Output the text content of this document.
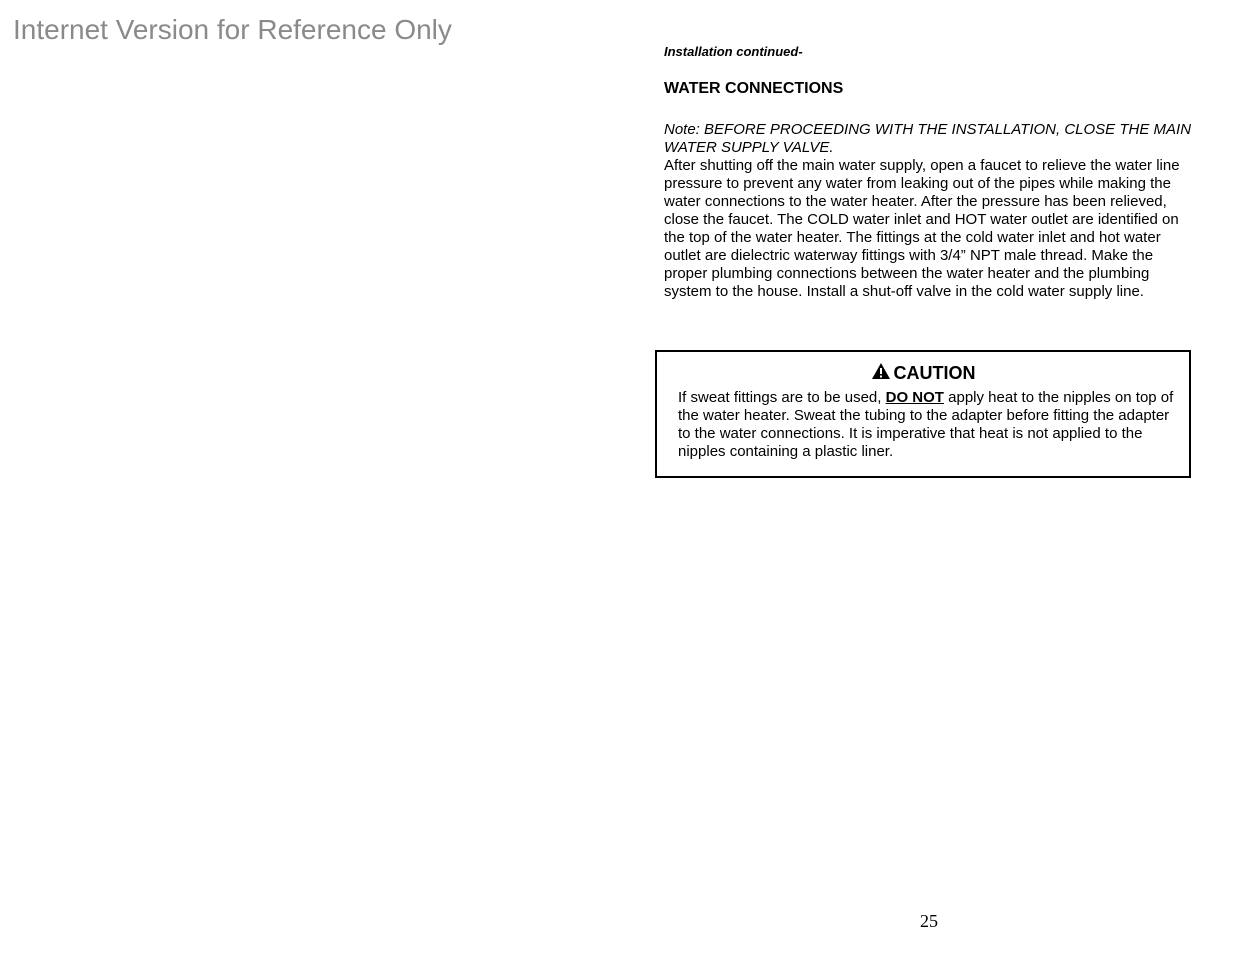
Internet Version for Reference Only
Installation continued-
WATER CONNECTIONS
Note: BEFORE PROCEEDING WITH THE INSTALLATION, CLOSE THE MAIN WATER SUPPLY VALVE.
After shutting off the main water supply, open a faucet to relieve the water line pressure to prevent any water from leaking out of the pipes while making the water connections to the water heater. After the pressure has been relieved, close the faucet. The COLD water inlet and HOT water outlet are identified on the top of the water heater. The fittings at the cold water inlet and hot water outlet are dielectric waterway fittings with 3/4” NPT male thread. Make the proper plumbing connections between the water heater and the plumbing system to the house. Install a shut-off valve in the cold water supply line.
CAUTION
If sweat fittings are to be used, DO NOT apply heat to the nipples on top of the water heater. Sweat the tubing to the adapter before fitting the adapter to the water connections. It is imperative that heat is not applied to the nipples containing a plastic liner.
25
